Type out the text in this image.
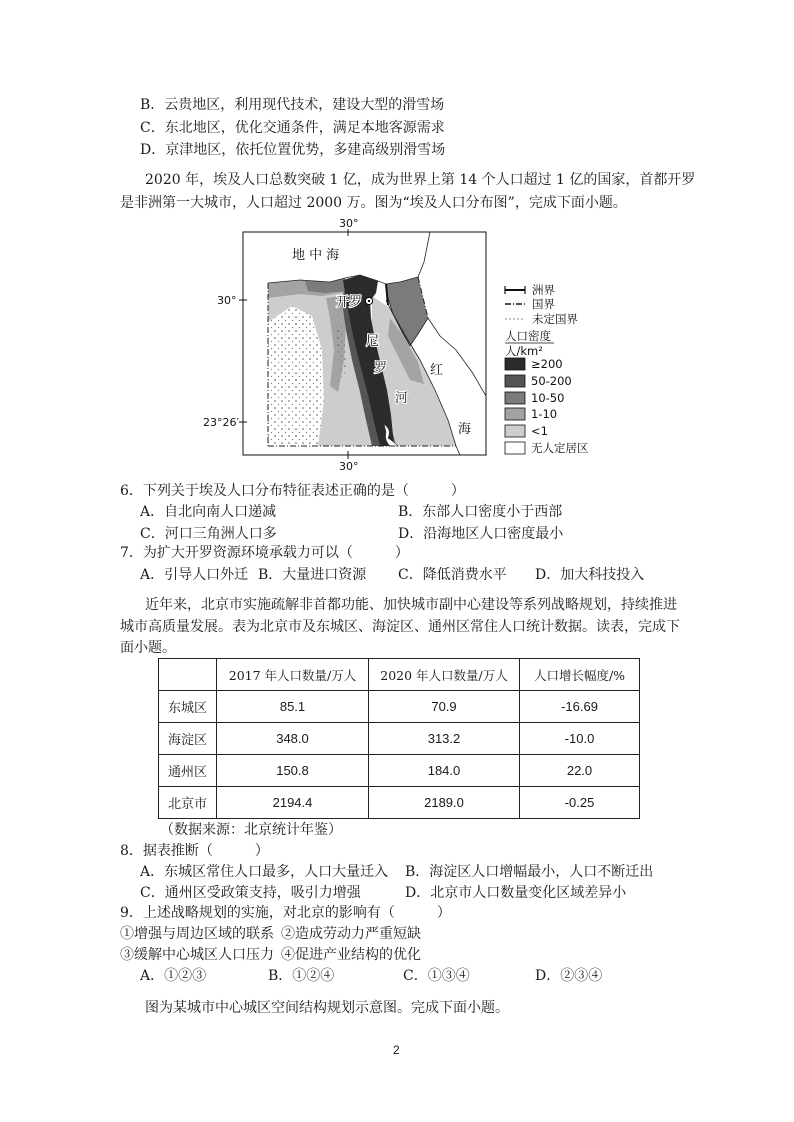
B．云贵地区，利用现代技术，建设大型的滑雪场
C．东北地区，优化交通条件，满足本地客源需求
D．京津地区，依托位置优势，多建高级别滑雪场
2020 年，埃及人口总数突破 1 亿，成为世界上第 14 个人口超过 1 亿的国家，首都开罗
是非洲第一大城市，人口超过 2000 万。图为“埃及人口分布图”，完成下面小题。
地 中 海
开罗
尼
罗
河
红
海
30°
30°
23°26′
30°
洲界
国界
未定国界
人口密度
人/km²
≥200
50-200
10-50
1-10
<1
无人定居区
6．下列关于埃及人口分布特征表述正确的是（　　　）
A．自北向南人口递减	B．东部人口密度小于西部
C．河口三角洲人口多	D．沿海地区人口密度最小
7．为扩大开罗资源环境承载力可以（　　　）
A．引导人口外迁 B．大量进口资源 C．降低消费水平 D．加大科技投入
近年来，北京市实施疏解非首都功能、加快城市副中心建设等系列战略规划，持续推进
城市高质量发展。表为北京市及东城区、海淀区、通州区常住人口统计数据。读表，完成下
面小题。
	2017 年人口数量/万人	2020 年人口数量/万人	人口增长幅度/%
东城区	85.1	70.9	-16.69
海淀区	348.0	313.2	-10.0
通州区	150.8	184.0	22.0
北京市	2194.4	2189.0	-0.25
（数据来源：北京统计年鉴）
8．据表推断（　　　）
A．东城区常住人口最多，人口大量迁入 B．海淀区人口增幅最小，人口不断迁出
C．通州区受政策支持，吸引力增强	D．北京市人口数量变化区域差异小
9．上述战略规划的实施，对北京的影响有（　　　）
①增强与周边区域的联系 ②造成劳动力严重短缺
③缓解中心城区人口压力 ④促进产业结构的优化
A．①②③	B．①②④	C．①③④	D．②③④
图为某城市中心城区空间结构规划示意图。完成下面小题。
2
